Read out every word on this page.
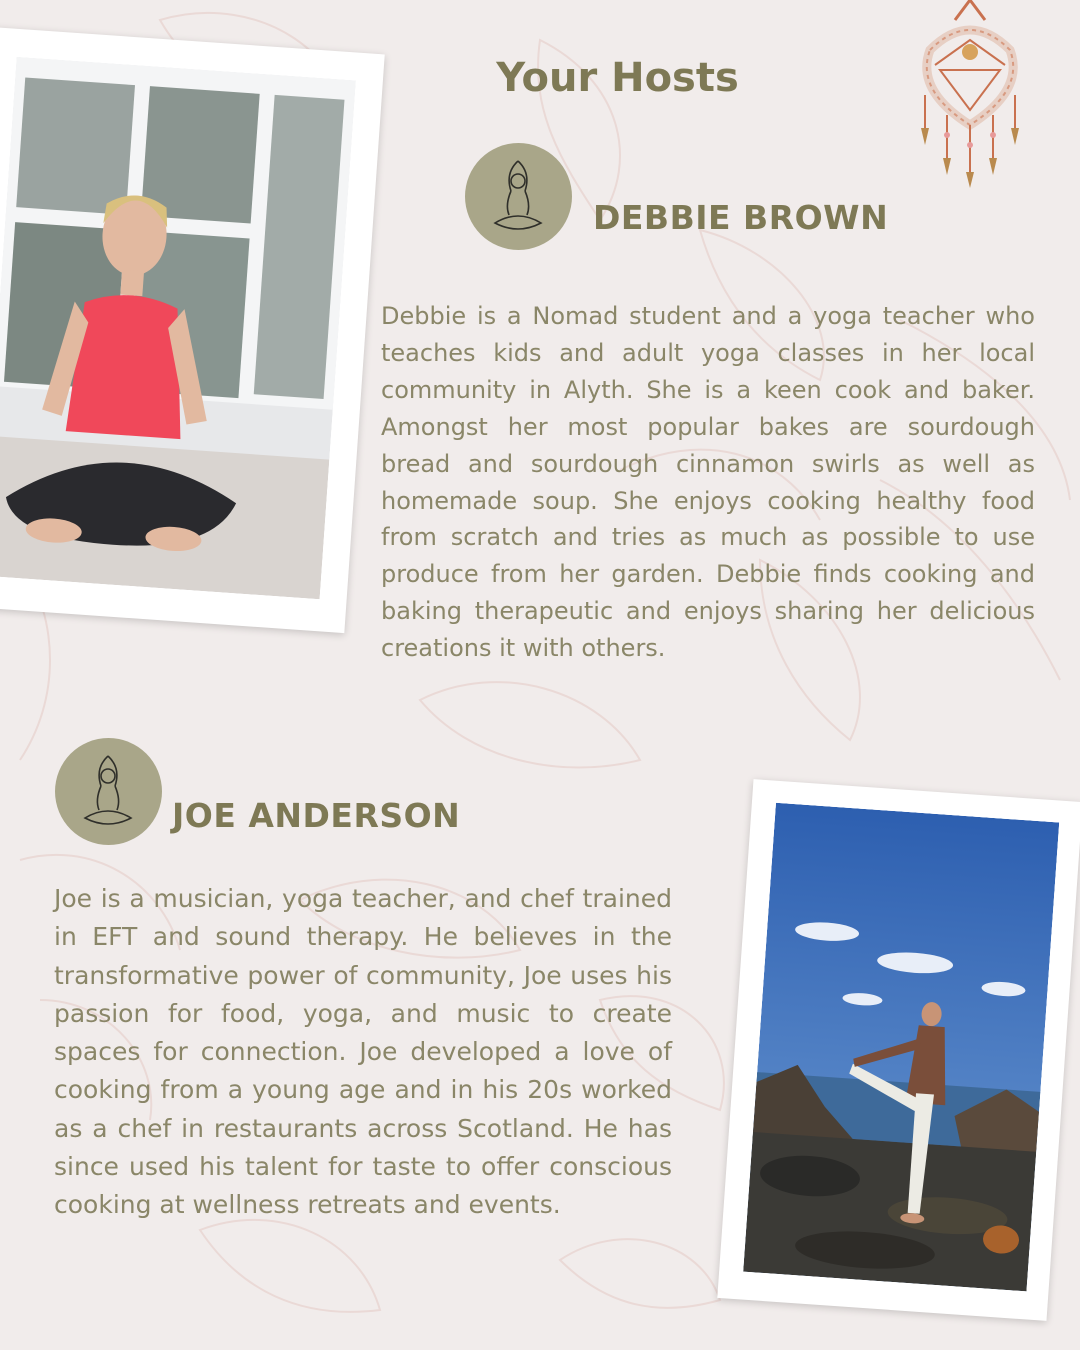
Your Hosts
DEBBIE BROWN

Debbie is a Nomad student and a yoga teacher who teaches kids and adult yoga classes in her local community in Alyth. She is a keen cook and baker. Amongst her most popular bakes are sourdough bread and sourdough cinnamon swirls as well as homemade soup. She enjoys cooking healthy food from scratch and tries as much as possible to use produce from her garden. Debbie finds cooking and baking therapeutic and enjoys sharing her delicious creations it with others.

JOE ANDERSON

Joe is a musician, yoga teacher, and chef trained in EFT and sound therapy. He believes in the transformative power of community, Joe uses his passion for food, yoga, and music to create spaces for connection. Joe developed a love of cooking from a young age and in his 20s worked as a chef in restaurants across Scotland. He has since used his talent for taste to offer conscious cooking at wellness retreats and events.
